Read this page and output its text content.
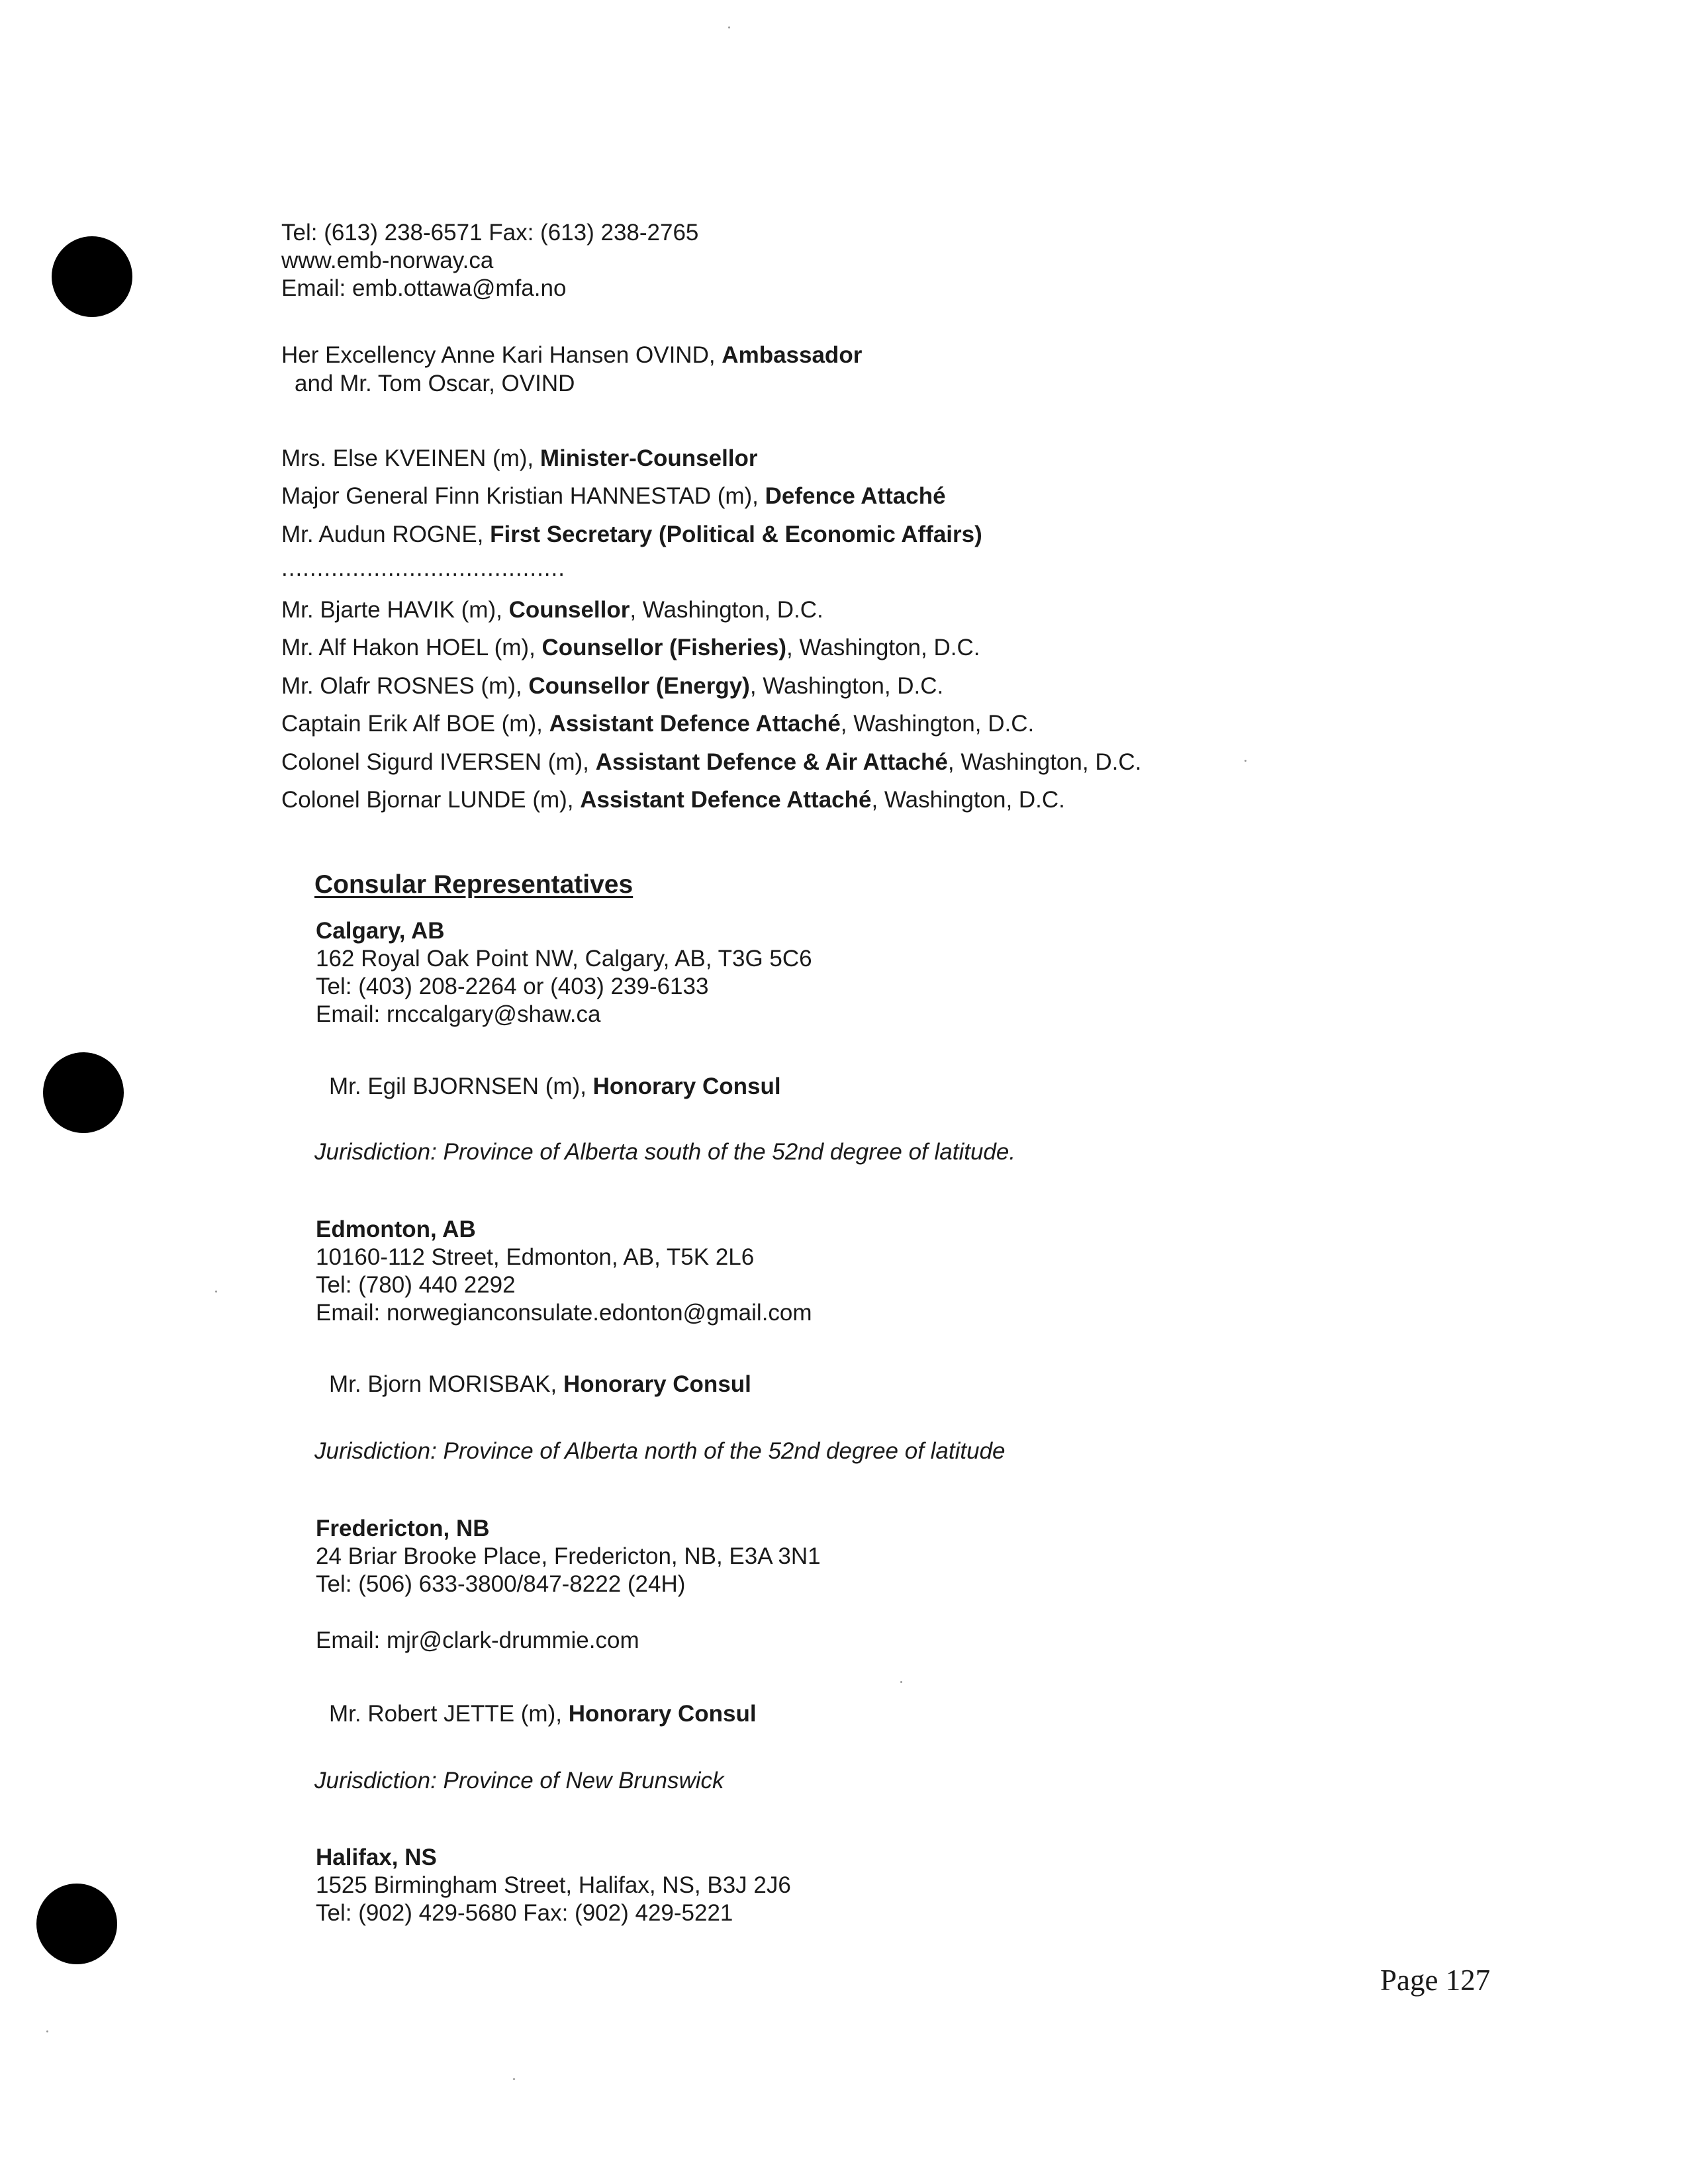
Tel: (613) 238-6571 Fax: (613) 238-2765
www.emb-norway.ca
Email: emb.ottawa@mfa.no
Her Excellency Anne Kari Hansen OVIND, Ambassador
and Mr. Tom Oscar, OVIND
Mrs. Else KVEINEN (m), Minister-Counsellor
Major General Finn Kristian HANNESTAD (m), Defence Attaché
Mr. Audun ROGNE, First Secretary (Political & Economic Affairs)
........................................
Mr. Bjarte HAVIK (m), Counsellor, Washington, D.C.
Mr. Alf Hakon HOEL (m), Counsellor (Fisheries), Washington, D.C.
Mr. Olafr ROSNES (m), Counsellor (Energy), Washington, D.C.
Captain Erik Alf BOE (m), Assistant Defence Attaché, Washington, D.C.
Colonel Sigurd IVERSEN (m), Assistant Defence & Air Attaché, Washington, D.C.
Colonel Bjornar LUNDE (m), Assistant Defence Attaché, Washington, D.C.
Consular Representatives
Calgary, AB
162 Royal Oak Point NW, Calgary, AB, T3G 5C6
Tel: (403) 208-2264 or (403) 239-6133
Email: rnccalgary@shaw.ca
Mr. Egil BJORNSEN (m), Honorary Consul
Jurisdiction: Province of Alberta south of the 52nd degree of latitude.
Edmonton, AB
10160-112 Street, Edmonton, AB, T5K 2L6
Tel: (780) 440 2292
Email: norwegianconsulate.edonton@gmail.com
Mr. Bjorn MORISBAK, Honorary Consul
Jurisdiction: Province of Alberta north of the 52nd degree of latitude
Fredericton, NB
24 Briar Brooke Place, Fredericton, NB, E3A 3N1
Tel: (506) 633-3800/847-8222 (24H)
Email: mjr@clark-drummie.com
Mr. Robert JETTE (m), Honorary Consul
Jurisdiction: Province of New Brunswick
Halifax, NS
1525 Birmingham Street, Halifax, NS, B3J 2J6
Tel: (902) 429-5680 Fax: (902) 429-5221
Page 127
